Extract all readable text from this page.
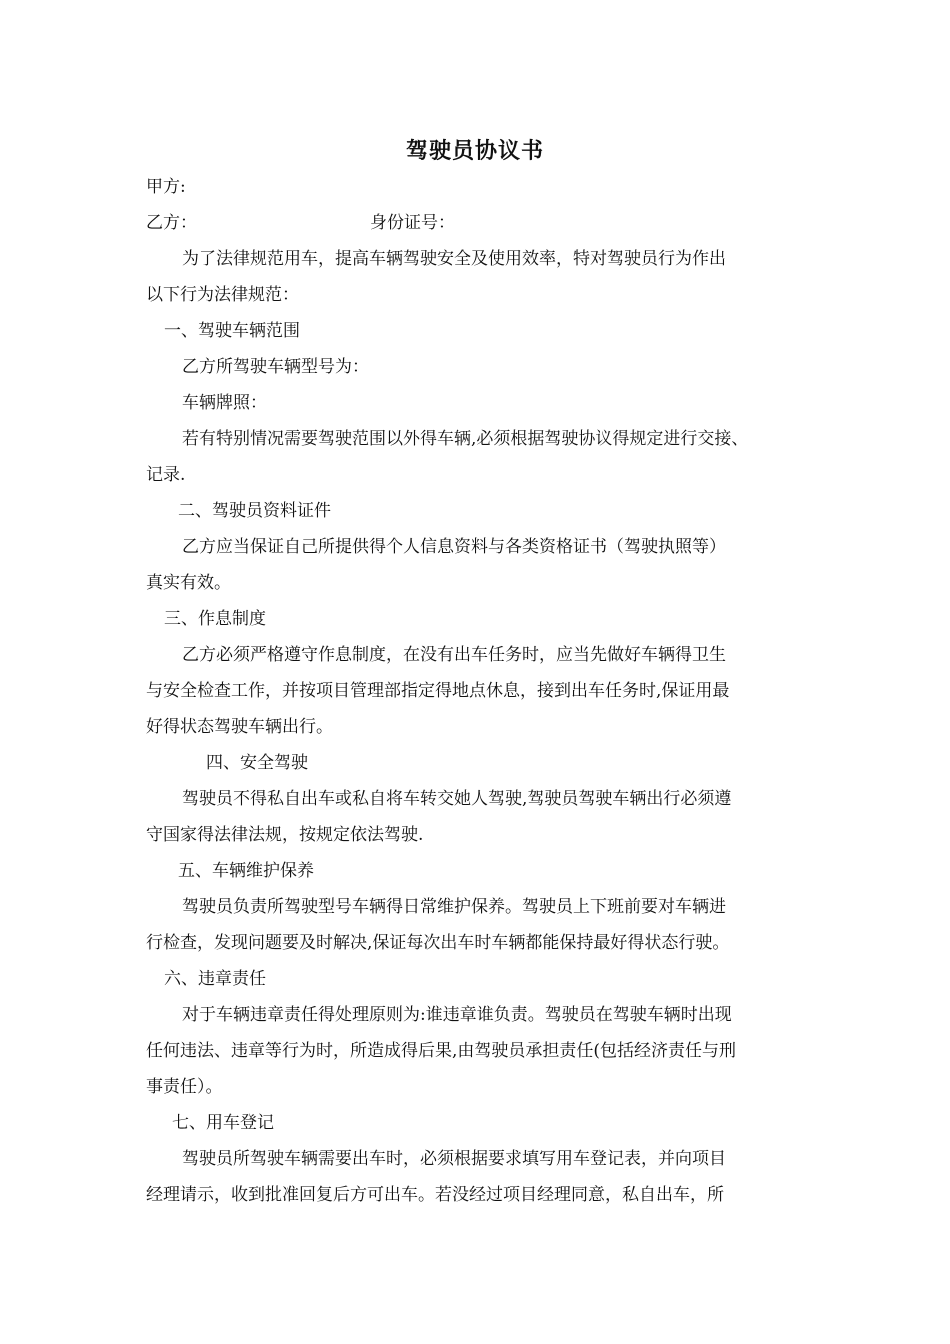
驾驶员协议书
甲方:
乙方：	身份证号：
为了法律规范用车，提高车辆驾驶安全及使用效率，特对驾驶员行为作出
以下行为法律规范：
一、驾驶车辆范围
乙方所驾驶车辆型号为：
车辆牌照：
若有特别情况需要驾驶范围以外得车辆,必须根据驾驶协议得规定进行交接、
记录.
二、驾驶员资料证件
乙方应当保证自己所提供得个人信息资料与各类资格证书（驾驶执照等）
真实有效。
三、作息制度
乙方必须严格遵守作息制度，在没有出车任务时，应当先做好车辆得卫生
与安全检查工作，并按项目管理部指定得地点休息，接到出车任务时,保证用最
好得状态驾驶车辆出行。
四、安全驾驶
驾驶员不得私自出车或私自将车转交她人驾驶,驾驶员驾驶车辆出行必须遵
守国家得法律法规，按规定依法驾驶.
五、车辆维护保养
驾驶员负责所驾驶型号车辆得日常维护保养。驾驶员上下班前要对车辆进
行检查，发现问题要及时解决,保证每次出车时车辆都能保持最好得状态行驶。
六、违章责任
对于车辆违章责任得处理原则为:谁违章谁负责。驾驶员在驾驶车辆时出现
任何违法、违章等行为时，所造成得后果,由驾驶员承担责任(包括经济责任与刑
事责任）。
七、用车登记
驾驶员所驾驶车辆需要出车时，必须根据要求填写用车登记表，并向项目
经理请示，收到批准回复后方可出车。若没经过项目经理同意，私自出车，所
